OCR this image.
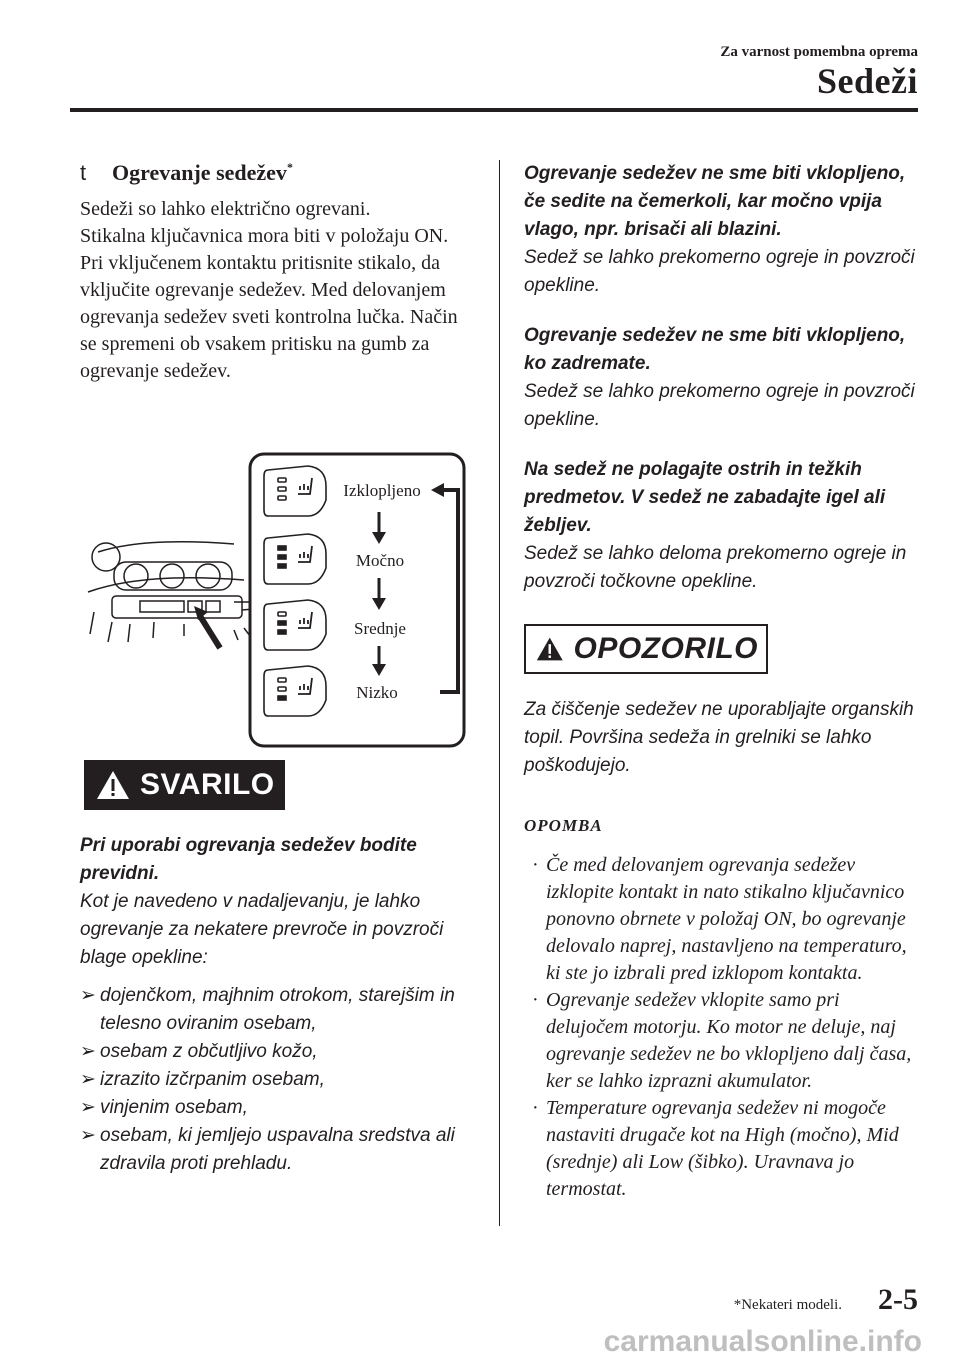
Za varnost pomembna oprema
Sedeži
t Ogrevanje sedežev*

Sedeži so lahko električno ogrevani.

Stikalna ključavnica mora biti v položaju ON.

Pri vključenem kontaktu pritisnite stikalo, da vključite ogrevanje sedežev. Med delovanjem ogrevanja sedežev sveti kontrolna lučka. Način se spremeni ob vsakem pritisku na gumb za ogrevanje sedežev.

Izklopljeno
Močno
Srednje
Nizko
SVARILO

Pri uporabi ogrevanja sedežev bodite previdni.

Kot je navedeno v nadaljevanju, je lahko ogrevanje za nekatere prevroče in povzroči blage opekline:

➢ dojenčkom, majhnim otrokom, starejšim in telesno oviranim osebam,
➢ osebam z občutljivo kožo,
➢ izrazito izčrpanim osebam,
➢ vinjenim osebam,
➢ osebam, ki jemljejo uspavalna sredstva ali zdravila proti prehladu.

Ogrevanje sedežev ne sme biti vklopljeno, če sedite na čemerkoli, kar močno vpija vlago, npr. brisači ali blazini.

Sedež se lahko prekomerno ogreje in povzroči opekline.

Ogrevanje sedežev ne sme biti vklopljeno, ko zadremate.

Sedež se lahko prekomerno ogreje in povzroči opekline.

Na sedež ne polagajte ostrih in težkih predmetov. V sedež ne zabadajte igel ali žebljev.

Sedež se lahko deloma prekomerno ogreje in povzroči točkovne opekline.

OPOZORILO

Za čiščenje sedežev ne uporabljajte organskih topil. Površina sedeža in grelniki se lahko poškodujejo.

OPOMBA

· Če med delovanjem ogrevanja sedežev izklopite kontakt in nato stikalno ključavnico ponovno obrnete v položaj ON, bo ogrevanje delovalo naprej, nastavljeno na temperaturo, ki ste jo izbrali pred izklopom kontakta.
· Ogrevanje sedežev vklopite samo pri delujočem motorju. Ko motor ne deluje, naj ogrevanje sedežev ne bo vklopljeno dalj časa, ker se lahko izprazni akumulator.
· Temperature ogrevanja sedežev ni mogoče nastaviti drugače kot na High (močno), Mid (srednje) ali Low (šibko). Uravnava jo termostat.
*Nekateri modeli. 2-5
carmanualsonline.info
